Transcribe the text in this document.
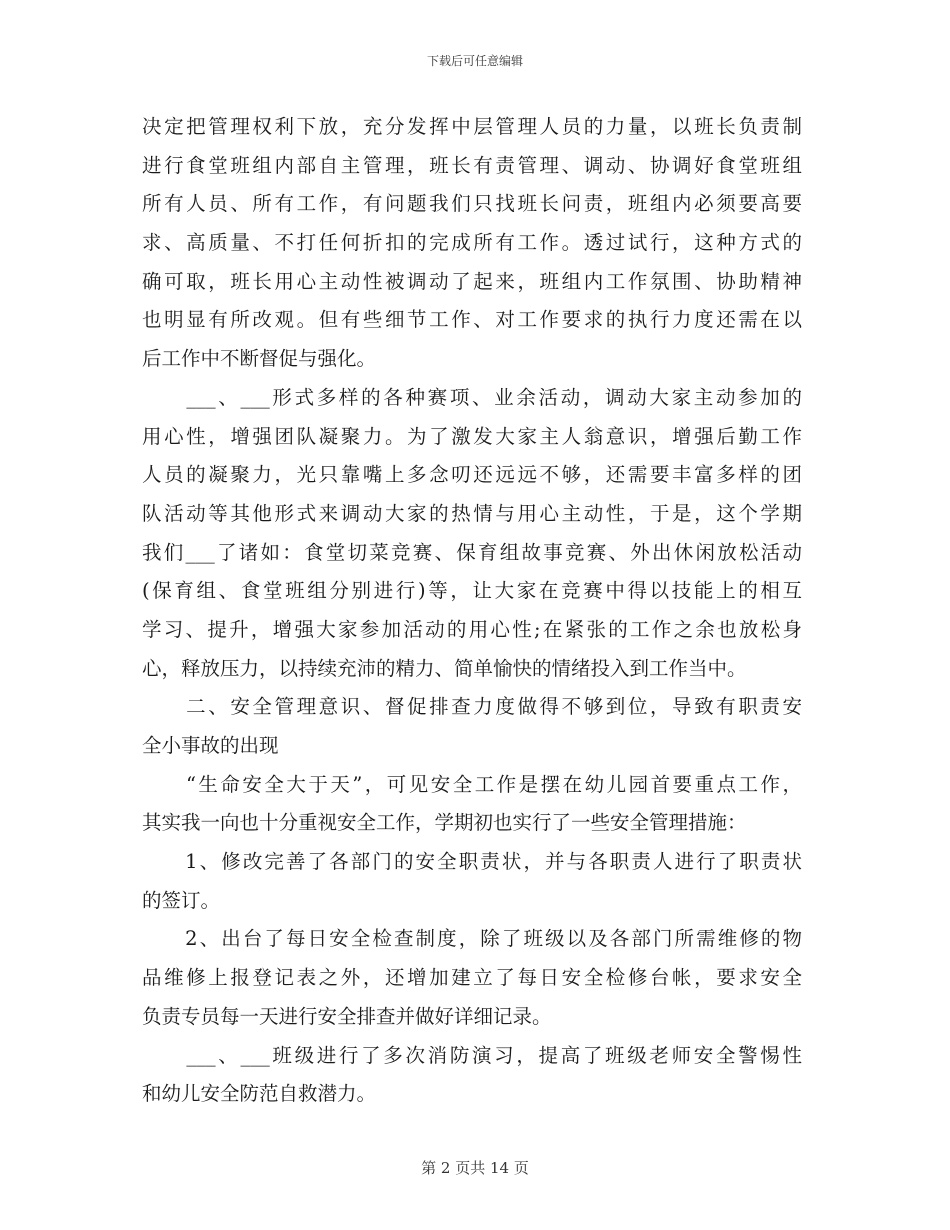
下载后可任意编辑
决定把管理权利下放，充分发挥中层管理人员的力量，以班长负责制
进行食堂班组内部自主管理，班长有责管理、调动、协调好食堂班组
所有人员、所有工作，有问题我们只找班长问责，班组内必须要高要
求、高质量、不打任何折扣的完成所有工作。透过试行，这种方式的
确可取，班长用心主动性被调动了起来，班组内工作氛围、协助精神
也明显有所改观。但有些细节工作、对工作要求的执行力度还需在以
后工作中不断督促与强化。
　　___、___形式多样的各种赛项、业余活动，调动大家主动参加的
用心性，增强团队凝聚力。为了激发大家主人翁意识，增强后勤工作
人员的凝聚力，光只靠嘴上多念叨还远远不够，还需要丰富多样的团
队活动等其他形式来调动大家的热情与用心主动性，于是，这个学期
我们___了诸如：食堂切菜竞赛、保育组故事竞赛、外出休闲放松活动
(保育组、食堂班组分别进行)等，让大家在竞赛中得以技能上的相互
学习、提升，增强大家参加活动的用心性;在紧张的工作之余也放松身
心，释放压力，以持续充沛的精力、简单愉快的情绪投入到工作当中。
　　二、安全管理意识、督促排查力度做得不够到位，导致有职责安
全小事故的出现
　　“生命安全大于天”，可见安全工作是摆在幼儿园首要重点工作，
其实我一向也十分重视安全工作，学期初也实行了一些安全管理措施：
　　1、修改完善了各部门的安全职责状，并与各职责人进行了职责状
的签订。
　　2、出台了每日安全检查制度，除了班级以及各部门所需维修的物
品维修上报登记表之外，还增加建立了每日安全检修台帐，要求安全
负责专员每一天进行安全排查并做好详细记录。
　　___、___班级进行了多次消防演习，提高了班级老师安全警惕性
和幼儿安全防范自救潜力。
第 2 页共 14 页
